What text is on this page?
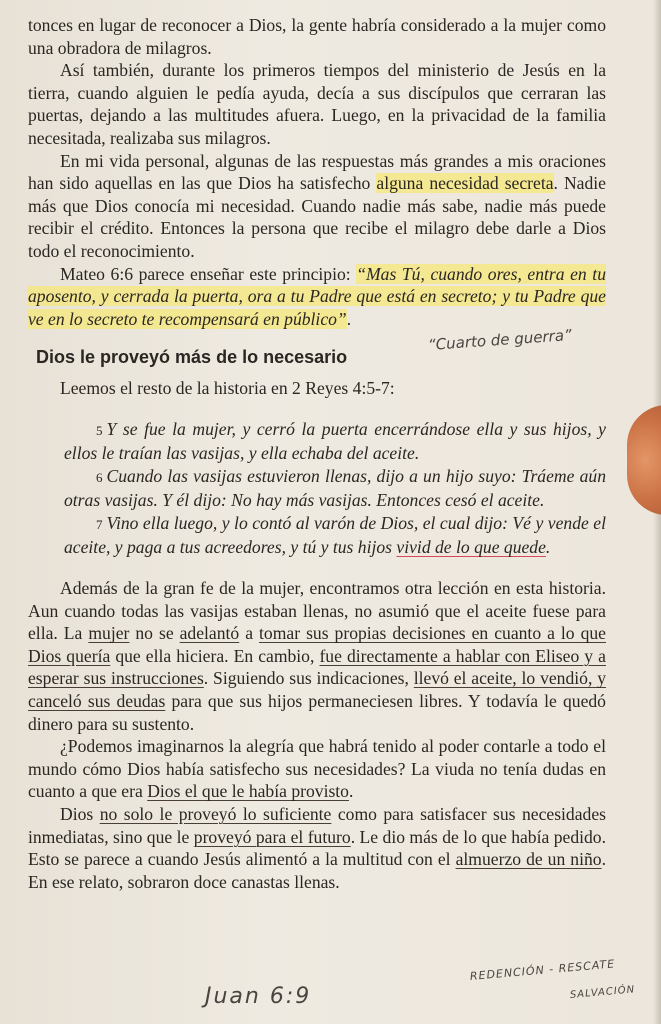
tonces en lugar de reconocer a Dios, la gente habría considerado a la mujer como una obradora de milagros.

Así también, durante los primeros tiempos del ministerio de Jesús en la tierra, cuando alguien le pedía ayuda, decía a sus discípulos que cerraran las puertas, dejando a las multitudes afuera. Luego, en la privacidad de la familia necesitada, realizaba sus milagros.

En mi vida personal, algunas de las respuestas más grandes a mis oraciones han sido aquellas en las que Dios ha satisfecho alguna necesidad secreta. Nadie más que Dios conocía mi necesidad. Cuando nadie más sabe, nadie más puede recibir el crédito. Entonces la persona que recibe el milagro debe darle a Dios todo el reconocimiento.

Mateo 6:6 parece enseñar este principio: “Mas Tú, cuando ores, entra en tu aposento, y cerrada la puerta, ora a tu Padre que está en secreto; y tu Padre que ve en lo secreto te recompensará en público”.

Dios le proveyó más de lo necesario

Leemos el resto de la historia en 2 Reyes 4:5-7:

5 Y se fue la mujer, y cerró la puerta encerrándose ella y sus hijos, y ellos le traían las vasijas, y ella echaba del aceite.

6 Cuando las vasijas estuvieron llenas, dijo a un hijo suyo: Tráeme aún otras vasijas. Y él dijo: No hay más vasijas. Entonces cesó el aceite.

7 Vino ella luego, y lo contó al varón de Dios, el cual dijo: Vé y vende el aceite, y paga a tus acreedores, y tú y tus hijos vivid de lo que quede.

Además de la gran fe de la mujer, encontramos otra lección en esta historia. Aun cuando todas las vasijas estaban llenas, no asumió que el aceite fuese para ella. La mujer no se adelantó a tomar sus propias decisiones en cuanto a lo que Dios quería que ella hiciera. En cambio, fue directamente a hablar con Eliseo y a esperar sus instrucciones. Siguiendo sus indicaciones, llevó el aceite, lo vendió, y canceló sus deudas para que sus hijos permaneciesen libres. Y todavía le quedó dinero para su sustento.

¿Podemos imaginarnos la alegría que habrá tenido al poder contarle a todo el mundo cómo Dios había satisfecho sus necesidades? La viuda no tenía dudas en cuanto a que era Dios el que le había provisto.

Dios no solo le proveyó lo suficiente como para satisfacer sus necesidades inmediatas, sino que le proveyó para el futuro. Le dio más de lo que había pedido. Esto se parece a cuando Jesús alimentó a la multitud con el almuerzo de un niño. En ese relato, sobraron doce canastas llenas.

“Cuarto de guerra”
Juan 6:9
REDENCIÓN - RESCATE
SALVACIÓN
